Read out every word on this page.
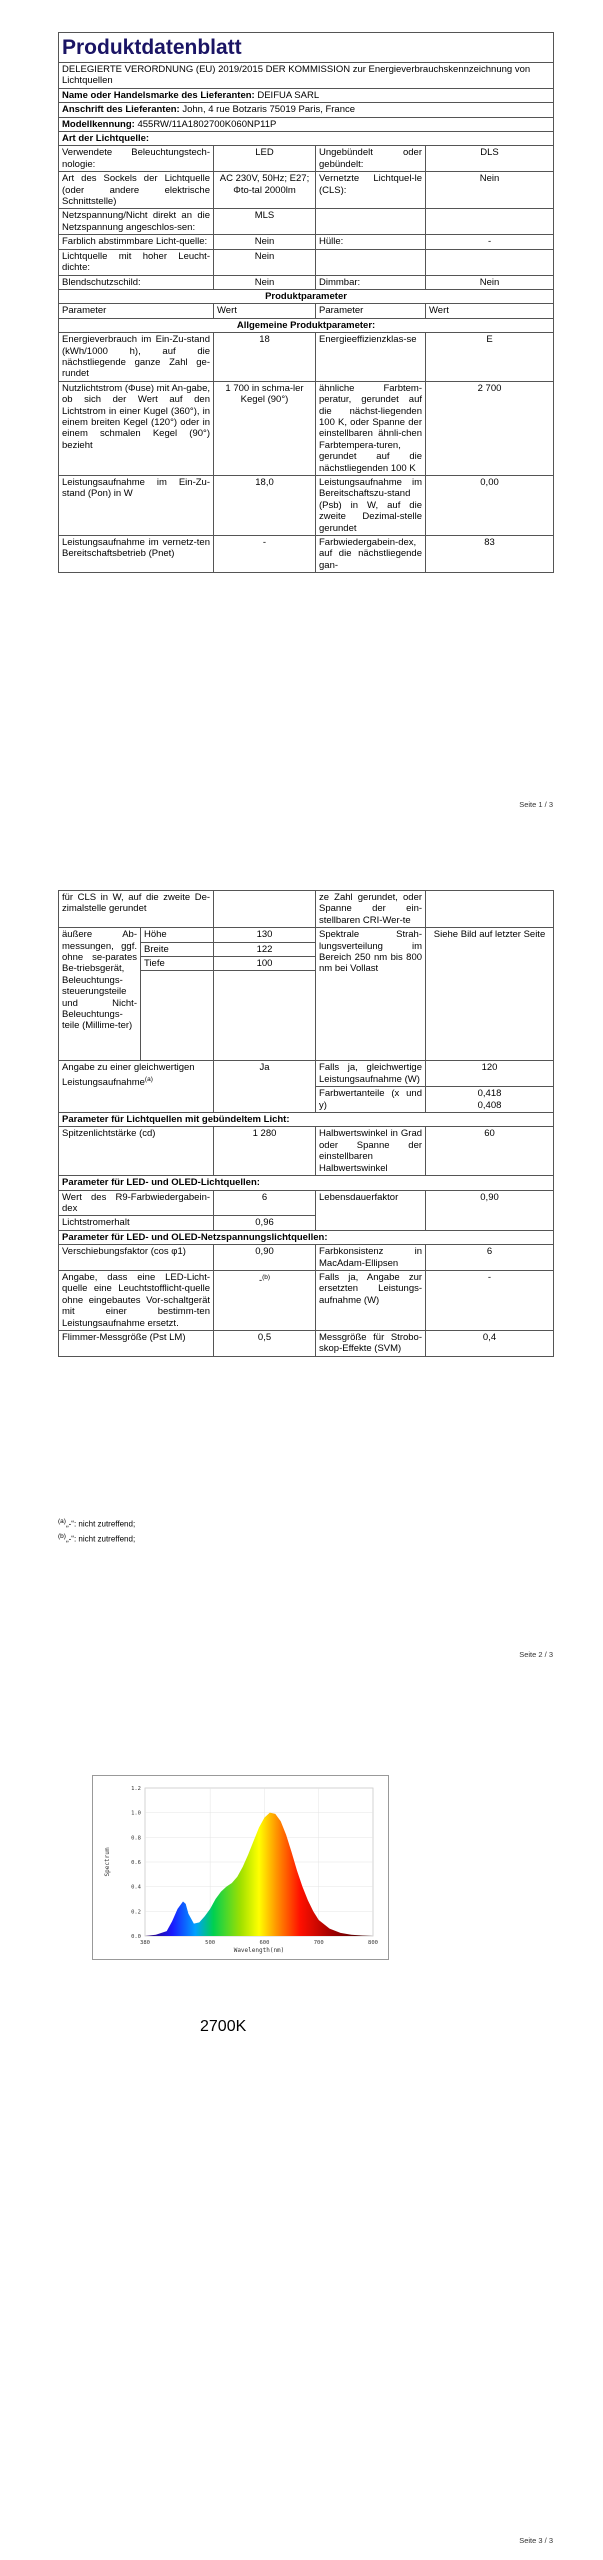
Produktdatenblatt			
DELEGIERTE VERORDNUNG (EU) 2019/2015 DER KOMMISSION zur Energieverbrauchskennzeichnung von Lichtquellen			
Name oder Handelsmarke des Lieferanten: DEIFUA SARL			
Anschrift des Lieferanten: John, 4 rue Botzaris 75019 Paris, France			
Modellkennung: 455RW/11A1802700K060NP11P			
Art der Lichtquelle:			
Verwendete Beleuchtungstech-nologie:	LED	Ungebündelt oder gebündelt:	DLS
Art des Sockels der Lichtquelle (oder andere elektrische Schnittstelle)	AC 230V, 50Hz; E27; Φto-tal 2000lm	Vernetzte Lichtquel-le (CLS):	Nein
Netzspannung/Nicht direkt an die Netzspannung angeschlos-sen:	MLS		
Farblich abstimmbare Licht-quelle:	Nein	Hülle:	-
Lichtquelle mit hoher Leucht-dichte:	Nein		
Blendschutzschild:	Nein	Dimmbar:	Nein
Produktparameter			
Parameter	Wert	Parameter	Wert
Allgemeine Produktparameter:			
Energieverbrauch im Ein-Zu-stand (kWh/1000 h), auf die nächstliegende ganze Zahl ge-rundet	18	Energieeffizienzklas-se	E
Nutzlichtstrom (Φuse) mit An-gabe, ob sich der Wert auf den Lichtstrom in einer Kugel (360°), in einem breiten Kegel (120°) oder in einem schmalen Kegel (90°) bezieht	1 700 in schma-ler Kegel (90°)	ähnliche Farbtem-peratur, gerundet auf die nächst-liegenden 100 K, oder Spanne der einstellbaren ähnli-chen Farbtempera-turen, gerundet auf die nächstliegenden 100 K	2 700
Leistungsaufnahme im Ein-Zu-stand (Pon) in W	18,0	Leistungsaufnahme im Bereitschaftszu-stand (Psb) in W, auf die zweite Dezimal-stelle gerundet	0,00
Leistungsaufnahme im vernetz-ten Bereitschaftsbetrieb (Pnet)	-	Farbwiedergabein-dex, auf die nächstliegende gan-	83
Seite 1 / 3
für CLS in W, auf die zweite De-zimalstelle gerundet			ze Zahl gerundet, oder Spanne der ein-stellbaren CRI-Wer-te	
äußere Ab-messungen, ggf. ohne se-parates Be-triebsgerät, Beleuchtungs-steuerungsteile und Nicht-Beleuchtungs-teile (Millime-ter)	Höhe	130	Spektrale Strah-lungsverteilung im Bereich 250 nm bis 800 nm bei Vollast	Siehe Bild auf letzter Seite
	Breite	122		
	Tiefe	100		

Angabe zu einer gleichwertigen Leistungsaufnahme$^{(a)}$		Ja	Falls ja, gleichwertige Leistungsaufnahme (W)	120
			Farbwertanteile (x und y)	0,418
0,408

Parameter für Lichtquellen mit gebündeltem Licht:				
Spitzenlichtstärke (cd)		1 280	Halbwertswinkel in Grad oder Spanne der einstellbaren Halbwertswinkel	60
Parameter für LED- und OLED-Lichtquellen:				
Wert des R9-Farbwiedergabein-dex		6	Lebensdauerfaktor	0,90
Lichtstromerhalt		0,96		
Parameter für LED- und OLED-Netzspannungslichtquellen:				
Verschiebungsfaktor (cos φ1)		0,90	Farbkonsistenz in MacAdam-Ellipsen	6
Angabe, dass eine LED-Licht-quelle eine Leuchtstofflicht-quelle ohne eingebautes Vor-schaltgerät mit einer bestimm-ten Leistungsaufnahme ersetzt.		-$^{(b)}$	Falls ja, Angabe zur ersetzten Leistungs-aufnahme (W)	-
Flimmer-Messgröße (Pst LM)		0,5	Messgröße für Strobo-skop-Effekte (SVM)	0,4
$^{(a)}$„-“: nicht zutreffend;
$^{(b)}$„-“: nicht zutreffend;
Seite 2 / 3
0.0
0.2
0.4
0.6
0.8
1.0
1.2
380	500	600	700	800
Wavelength(nm)
Spectrum
2700K
Seite 3 / 3
